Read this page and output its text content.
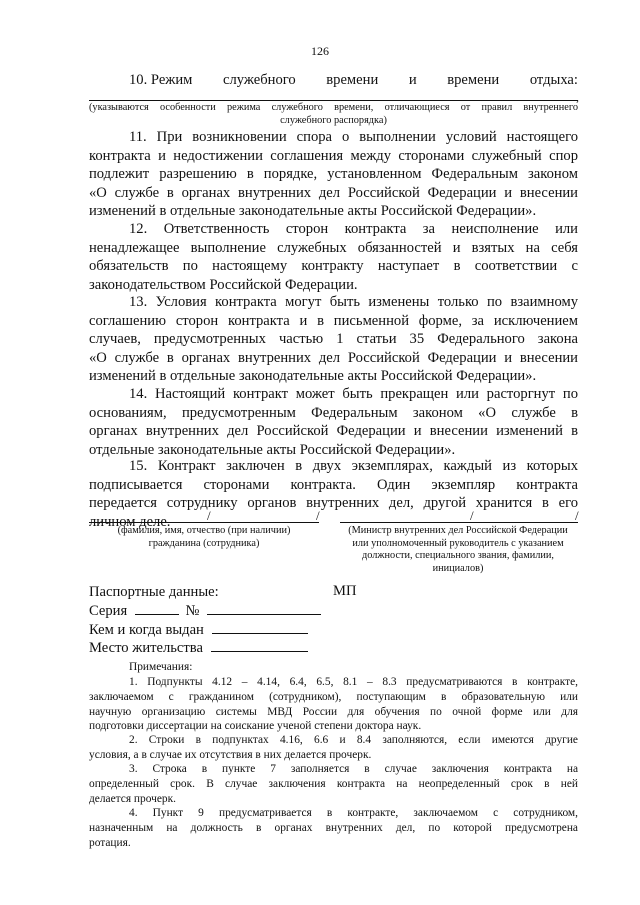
126
10. Режим служебного времени и времени отдыха:
,
(указываются особенности режима служебного времени, отличающиеся от правил внутреннего
служебного распорядка)
11. При возникновении спора о выполнении условий настоящего
контракта и недостижении соглашения между сторонами служебный спор
подлежит разрешению в порядке, установленном Федеральным законом
«О службе в органах внутренних дел Российской Федерации и внесении
изменений в отдельные законодательные акты Российской Федерации».
12. Ответственность сторон контракта за неисполнение или
ненадлежащее выполнение служебных обязанностей и взятых на себя
обязательств по настоящему контракту наступает в соответствии с
законодательством Российской Федерации.
13. Условия контракта могут быть изменены только по взаимному
соглашению сторон контракта и в письменной форме, за исключением
случаев, предусмотренных частью 1 статьи 35 Федерального закона
«О службе в органах внутренних дел Российской Федерации и внесении
изменений в отдельные законодательные акты Российской Федерации».
14. Настоящий контракт может быть прекращен или расторгнут по
основаниям, предусмотренным Федеральным законом «О службе в
органах внутренних дел Российской Федерации и внесении изменений в
отдельные законодательные акты Российской Федерации».
15. Контракт заключен в двух экземплярах, каждый из которых
подписывается сторонами контракта. Один экземпляр контракта
передается сотруднику органов внутренних дел, другой хранится в его
личном деле.	/	/	/	/
(фамилия, имя, отчество (при наличии)
гражданина (сотрудника)
(Министр внутренних дел Российской Федерации
или уполномоченный руководитель с указанием
должности, специального звания, фамилии,
инициалов)
Паспортные данные:
Серия	№
Кем и когда выдан
Место жительства
МП
Примечания:
1. Подпункты 4.12 – 4.14, 6.4, 6.5, 8.1 – 8.3 предусматриваются в контракте,
заключаемом с гражданином (сотрудником), поступающим в образовательную или
научную организацию системы МВД России для обучения по очной форме или для
подготовки диссертации на соискание ученой степени доктора наук.
2. Строки в подпунктах 4.16, 6.6 и 8.4 заполняются, если имеются другие
условия, а в случае их отсутствия в них делается прочерк.
3. Строка в пункте 7 заполняется в случае заключения контракта на
определенный срок. В случае заключения контракта на неопределенный срок в ней
делается прочерк.
4. Пункт 9 предусматривается в контракте, заключаемом с сотрудником,
назначенным на должность в органах внутренних дел, по которой предусмотрена
ротация.
